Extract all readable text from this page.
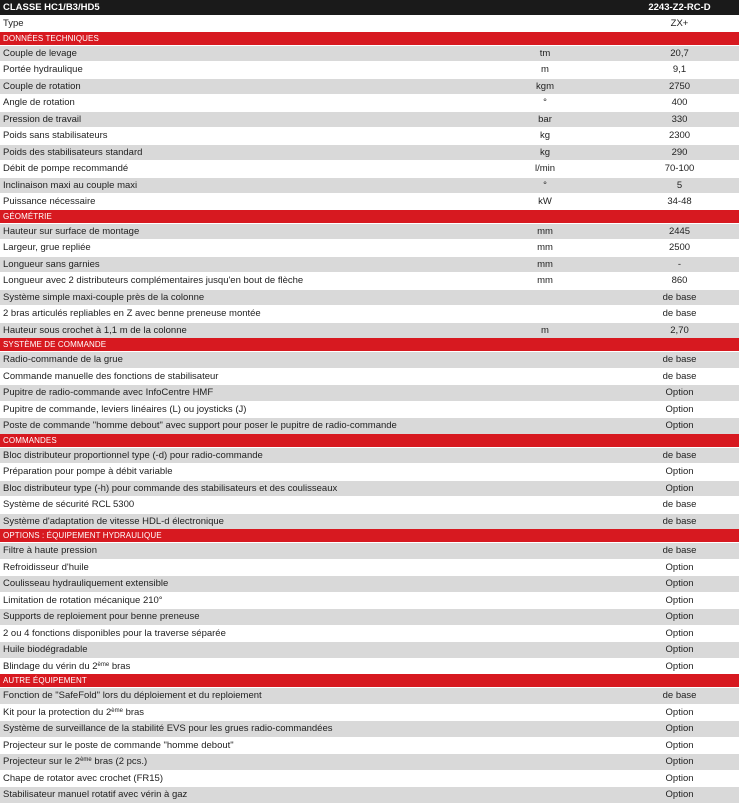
CLASSE HC1/B3/HD5		2243-Z2-RC-D
Type		ZX+
DONNÉES TECHNIQUES		
Couple de levage	tm	20,7
Portée hydraulique	m	9,1
Couple de rotation	kgm	2750
Angle de rotation	°	400
Pression de travail	bar	330
Poids sans stabilisateurs	kg	2300
Poids des stabilisateurs standard	kg	290
Débit de pompe recommandé	l/min	70-100
Inclinaison maxi au couple maxi	°	5
Puissance nécessaire	kW	34-48
GÉOMÉTRIE		
Hauteur sur surface de montage	mm	2445
Largeur, grue repliée	mm	2500
Longueur sans garnies	mm	-
Longueur avec 2 distributeurs complémentaires jusqu'en bout de flèche	mm	860
Système simple maxi-couple près de la colonne		de base
2 bras articulés repliables en Z avec benne preneuse montée		de base
Hauteur sous crochet à 1,1 m de la colonne	m	2,70
SYSTÈME DE COMMANDE		
Radio-commande de la grue		de base
Commande manuelle des fonctions de stabilisateur		de base
Pupitre de radio-commande avec InfoCentre HMF		Option
Pupitre de commande, leviers linéaires (L) ou joysticks (J)		Option
Poste de commande "homme debout" avec support pour poser le pupitre de radio-commande		Option
COMMANDES		
Bloc distributeur proportionnel type (-d) pour radio-commande		de base
Préparation pour pompe à débit variable		Option
Bloc distributeur type (-h) pour commande des stabilisateurs et des coulisseaux		Option
Système de sécurité RCL 5300		de base
Système d'adaptation de vitesse HDL-d électronique		de base
OPTIONS : ÉQUIPEMENT HYDRAULIQUE		
Filtre à haute pression		de base
Refroidisseur d'huile		Option
Coulisseau hydrauliquement extensible		Option
Limitation de rotation mécanique 210°		Option
Supports de reploiement pour benne preneuse		Option
2 ou 4 fonctions disponibles pour la traverse séparée		Option
Huile biodégradable		Option
Blindage du vérin du 2ème bras		Option
AUTRE ÉQUIPEMENT		
Fonction de "SafeFold" lors du déploiement et du reploiement		de base
Kit pour la protection du 2ème bras		Option
Système de surveillance de la stabilité EVS pour les grues radio-commandées		Option
Projecteur sur le poste de commande "homme debout"		Option
Projecteur sur le 2ème bras (2 pcs.)		Option
Chape de rotator avec crochet (FR15)		Option
Stabilisateur manuel rotatif avec vérin à gaz		Option
